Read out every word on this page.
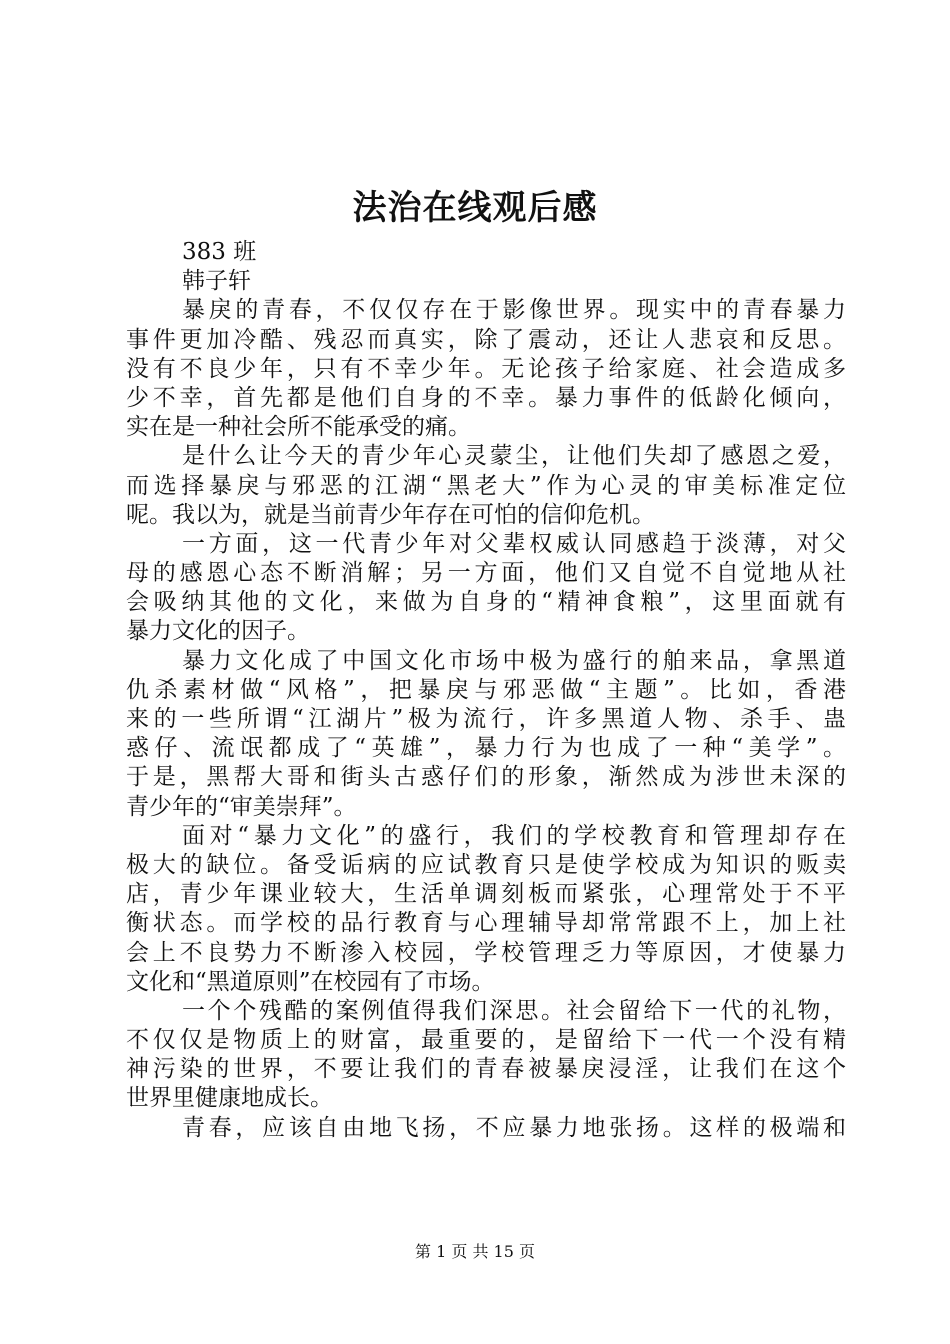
法治在线观后感
383 班
韩子轩
暴戾的青春，不仅仅存在于影像世界。现实中的青春暴力
事件更加冷酷、残忍而真实，除了震动，还让人悲哀和反思。
没有不良少年，只有不幸少年。无论孩子给家庭、社会造成多
少不幸，首先都是他们自身的不幸。暴力事件的低龄化倾向，
实在是一种社会所不能承受的痛。
是什么让今天的青少年心灵蒙尘，让他们失却了感恩之爱，
而选择暴戾与邪恶的江湖“黑老大”作为心灵的审美标准定位
呢。我以为，就是当前青少年存在可怕的信仰危机。
一方面，这一代青少年对父辈权威认同感趋于淡薄，对父
母的感恩心态不断消解；另一方面，他们又自觉不自觉地从社
会吸纳其他的文化，来做为自身的“精神食粮”，这里面就有
暴力文化的因子。
暴力文化成了中国文化市场中极为盛行的舶来品，拿黑道
仇杀素材做“风格”，把暴戾与邪恶做“主题”。比如，香港
来的一些所谓“江湖片”极为流行，许多黑道人物、杀手、蛊
惑仔、流氓都成了“英雄”，暴力行为也成了一种“美学”。
于是，黑帮大哥和街头古惑仔们的形象，渐然成为涉世未深的
青少年的“审美崇拜”。
面对“暴力文化”的盛行，我们的学校教育和管理却存在
极大的缺位。备受诟病的应试教育只是使学校成为知识的贩卖
店，青少年课业较大，生活单调刻板而紧张，心理常处于不平
衡状态。而学校的品行教育与心理辅导却常常跟不上，加上社
会上不良势力不断渗入校园，学校管理乏力等原因，才使暴力
文化和“黑道原则”在校园有了市场。
一个个残酷的案例值得我们深思。社会留给下一代的礼物，
不仅仅是物质上的财富，最重要的，是留给下一代一个没有精
神污染的世界，不要让我们的青春被暴戾浸淫，让我们在这个
世界里健康地成长。
青春，应该自由地飞扬，不应暴力地张扬。这样的极端和
第 1 页 共 15 页
